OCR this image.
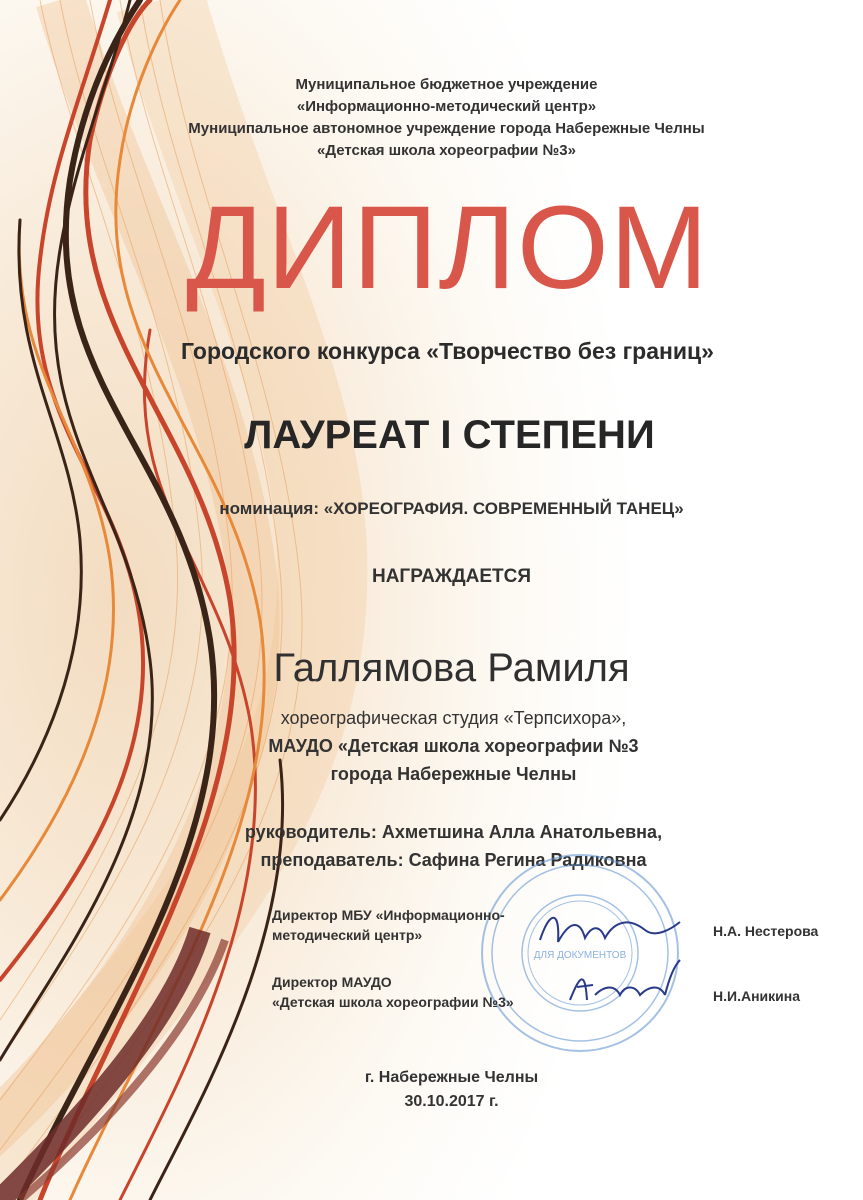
Муниципальное бюджетное учреждение
«Информационно-методический центр»
Муниципальное автономное учреждение города Набережные Челны
«Детская школа хореографии №3»
ДИПЛОМ
Городского конкурса «Творчество без границ»
ЛАУРЕАТ I СТЕПЕНИ
номинация: «ХОРЕОГРАФИЯ. СОВРЕМЕННЫЙ ТАНЕЦ»
НАГРАЖДАЕТСЯ
Галлямова Рамиля
хореографическая студия «Терпсихора»,
МАУДО «Детская школа хореографии №3
города Набережные Челны
руководитель: Ахметшина Алла Анатольевна,
преподаватель: Сафина Регина Радиковна
ДЛЯ ДОКУМЕНТОВ
Директор МБУ «Информационно-
методический центр»	Н.А. Нестерова
Директор МАУДО
«Детская школа хореографии №3»	Н.И.Аникина
г. Набережные Челны
30.10.2017 г.
